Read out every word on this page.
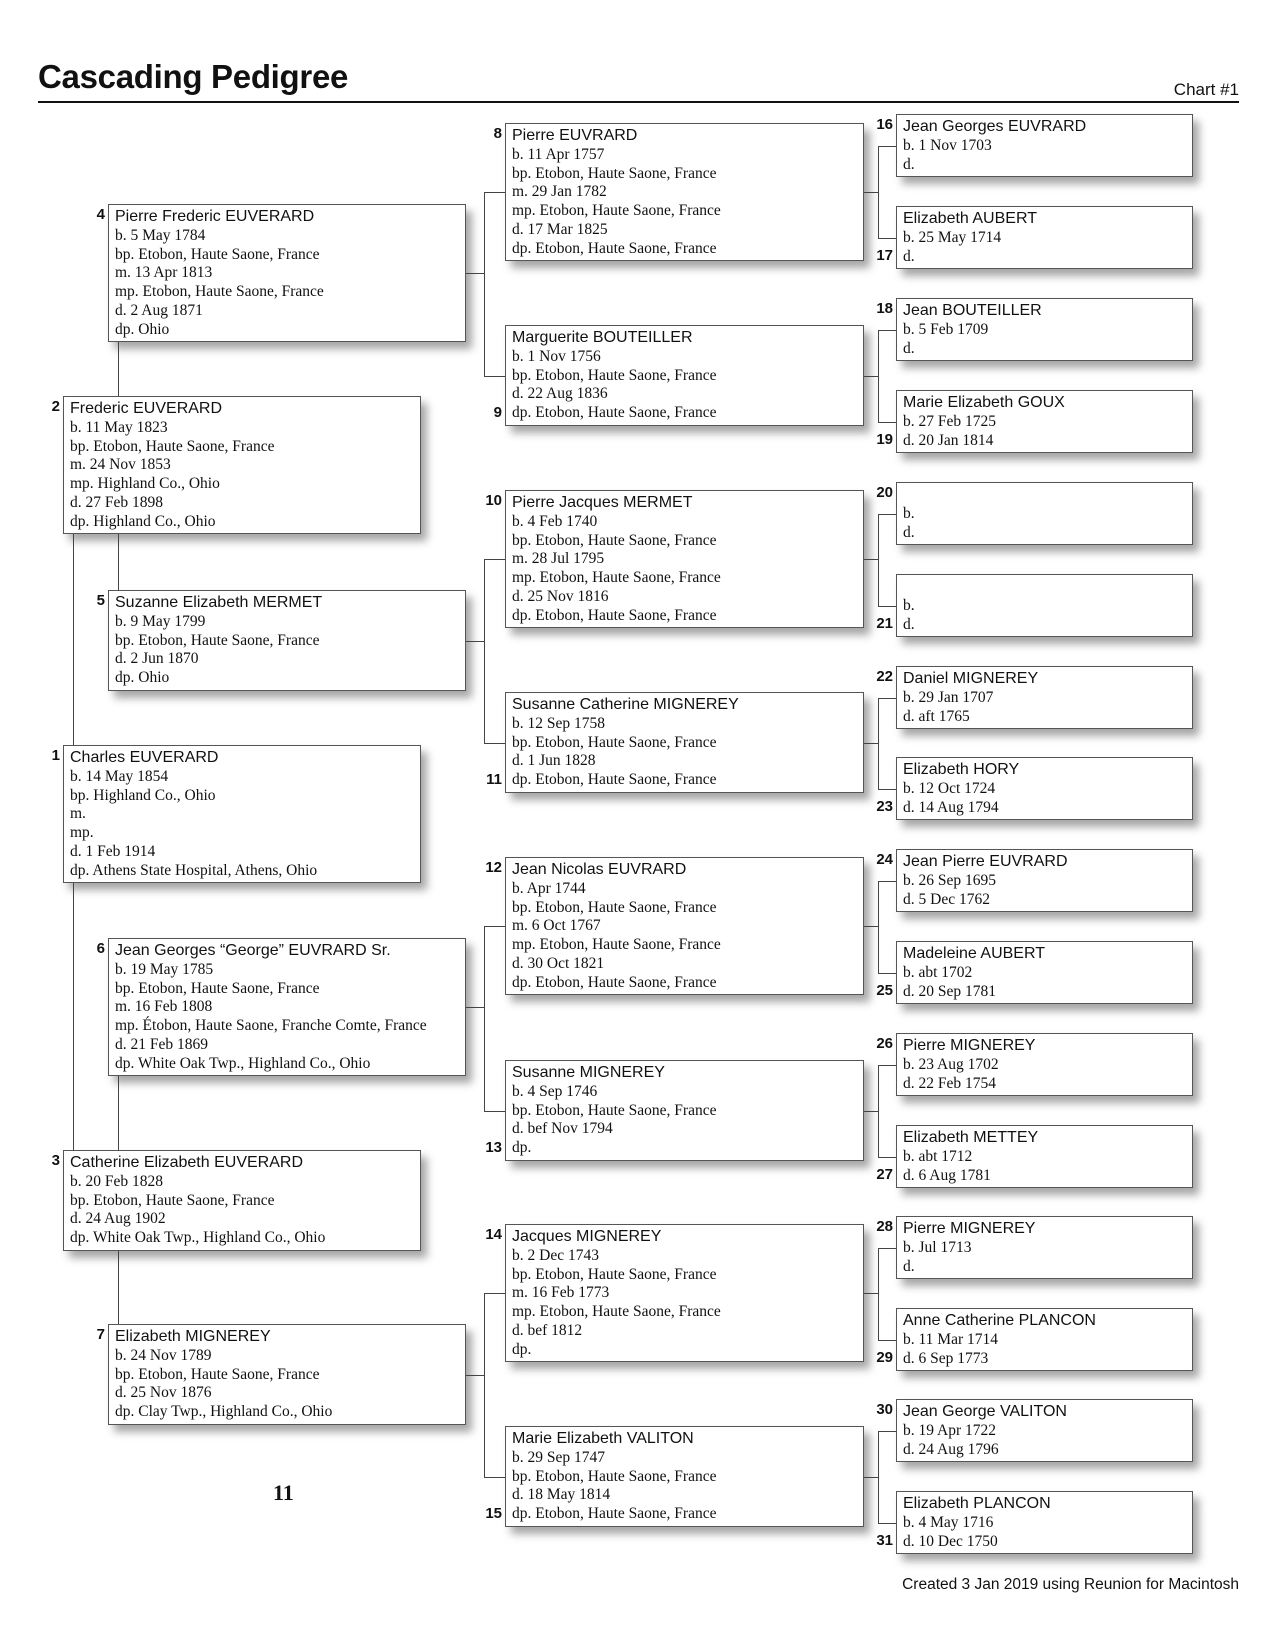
Cascading Pedigree	Chart #1
Charles EUVERARD
b. 14 May 1854
bp. Highland Co., Ohio
m.
mp.
d. 1 Feb 1914
dp. Athens State Hospital, Athens, Ohio
1
Frederic EUVERARD
b. 11 May 1823
bp. Etobon, Haute Saone, France
m. 24 Nov 1853
mp. Highland Co., Ohio
d. 27 Feb 1898
dp. Highland Co., Ohio
2
Catherine Elizabeth EUVERARD
b. 20 Feb 1828
bp. Etobon, Haute Saone, France
d. 24 Aug 1902
dp. White Oak Twp., Highland Co., Ohio
3
Pierre Frederic EUVERARD
b. 5 May 1784
bp. Etobon, Haute Saone, France
m. 13 Apr 1813
mp. Etobon, Haute Saone, France
d. 2 Aug 1871
dp. Ohio
4
Suzanne Elizabeth MERMET
b. 9 May 1799
bp. Etobon, Haute Saone, France
d. 2 Jun 1870
dp. Ohio
5
Jean Georges “George” EUVRARD Sr.
b. 19 May 1785
bp. Etobon, Haute Saone, France
m. 16 Feb 1808
mp. Étobon, Haute Saone, Franche Comte, France
d. 21 Feb 1869
dp. White Oak Twp., Highland Co., Ohio
6
Elizabeth MIGNEREY
b. 24 Nov 1789
bp. Etobon, Haute Saone, France
d. 25 Nov 1876
dp. Clay Twp., Highland Co., Ohio
7
Pierre EUVRARD
b. 11 Apr 1757
bp. Etobon, Haute Saone, France
m. 29 Jan 1782
mp. Etobon, Haute Saone, France
d. 17 Mar 1825
dp. Etobon, Haute Saone, France
8
Marguerite BOUTEILLER
b. 1 Nov 1756
bp. Etobon, Haute Saone, France
d. 22 Aug 1836
dp. Etobon, Haute Saone, France
9
Pierre Jacques MERMET
b. 4 Feb 1740
bp. Etobon, Haute Saone, France
m. 28 Jul 1795
mp. Etobon, Haute Saone, France
d. 25 Nov 1816
dp. Etobon, Haute Saone, France
10
Susanne Catherine MIGNEREY
b. 12 Sep 1758
bp. Etobon, Haute Saone, France
d. 1 Jun 1828
dp. Etobon, Haute Saone, France
11
Jean Nicolas EUVRARD
b. Apr 1744
bp. Etobon, Haute Saone, France
m. 6 Oct 1767
mp. Etobon, Haute Saone, France
d. 30 Oct 1821
dp. Etobon, Haute Saone, France
12
Susanne MIGNEREY
b. 4 Sep 1746
bp. Etobon, Haute Saone, France
d. bef Nov 1794
dp.
13
Jacques MIGNEREY
b. 2 Dec 1743
bp. Etobon, Haute Saone, France
m. 16 Feb 1773
mp. Etobon, Haute Saone, France
d. bef 1812
dp.
14
Marie Elizabeth VALITON
b. 29 Sep 1747
bp. Etobon, Haute Saone, France
d. 18 May 1814
dp. Etobon, Haute Saone, France
15
Jean Georges EUVRARD
b. 1 Nov 1703
d.
16
Elizabeth AUBERT
b. 25 May 1714
d.
17
Jean BOUTEILLER
b. 5 Feb 1709
d.
18
Marie Elizabeth GOUX
b. 27 Feb 1725
d. 20 Jan 1814
19

b.
d.
20

b.
d.
21
Daniel MIGNEREY
b. 29 Jan 1707
d. aft 1765
22
Elizabeth HORY
b. 12 Oct 1724
d. 14 Aug 1794
23
Jean Pierre EUVRARD
b. 26 Sep 1695
d. 5 Dec 1762
24
Madeleine AUBERT
b. abt 1702
d. 20 Sep 1781
25
Pierre MIGNEREY
b. 23 Aug 1702
d. 22 Feb 1754
26
Elizabeth METTEY
b. abt 1712
d. 6 Aug 1781
27
Pierre MIGNEREY
b. Jul 1713
d.
28
Anne Catherine PLANCON
b. 11 Mar 1714
d. 6 Sep 1773
29
Jean George VALITON
b. 19 Apr 1722
d. 24 Aug 1796
30
Elizabeth PLANCON
b. 4 May 1716
d. 10 Dec 1750
31
11
Created 3 Jan 2019 using Reunion for Macintosh
